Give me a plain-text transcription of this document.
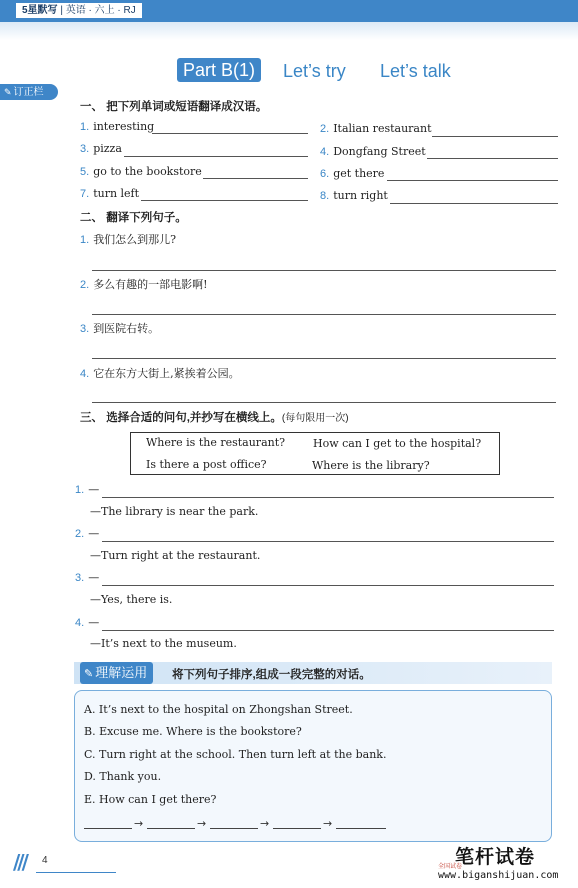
5星默写 | 英语 · 六上 · RJ
Part B(1)	Let’s try Let’s talk
✎ 订正栏
一、 把下列单词或短语翻译成汉语。
1. interesting	2. Italian restaurant
3. pizza	4. Dongfang Street
5. go to the bookstore	6. get there
7. turn left	8. turn right
二、 翻译下列句子。
1. 我们怎么到那儿?
2. 多么有趣的一部电影啊!
3. 到医院右转。
4. 它在东方大街上,紧挨着公园。
三、 选择合适的问句,并抄写在横线上。(每句限用一次)
Where is the restaurant?	How can I get to the hospital?
Is there a post office?	Where is the library?
1. —
—The library is near the park.
2. —
—Turn right at the restaurant.
3. —
—Yes, there is.
4. —
—It’s next to the museum.
✎ 理解运用	将下列句子排序,组成一段完整的对话。
A. It’s next to the hospital on Zhongshan Street.
B. Excuse me. Where is the bookstore?
C. Turn right at the school. Then turn left at the bank.
D. Thank you.
E. How can I get there?
→	→	→	→
/// 4	笔杆试卷
全国试卷
www.biganshijuan.com
